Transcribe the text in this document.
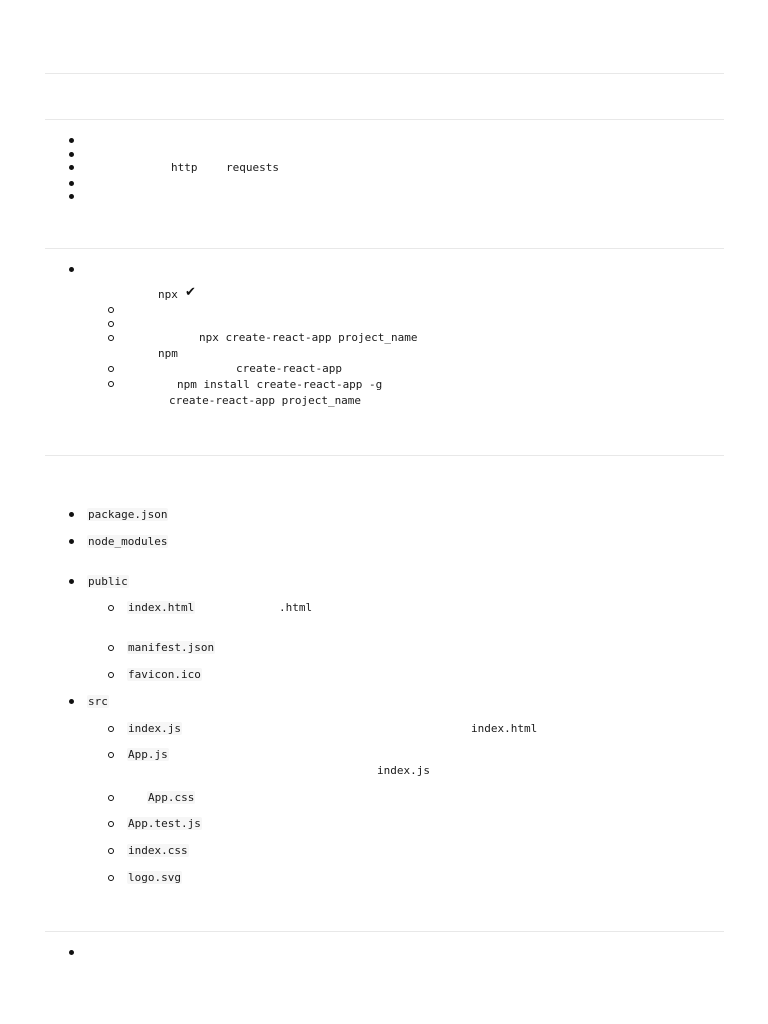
http	requests
npx ✔
npx create-react-app project_name
npm
create-react-app
npm install create-react-app -g
create-react-app project_name
package.json
node_modules
public
index.html	.html
manifest.json
favicon.ico
src
index.js	index.html
App.js
index.js
App.css
App.test.js
index.css
logo.svg
